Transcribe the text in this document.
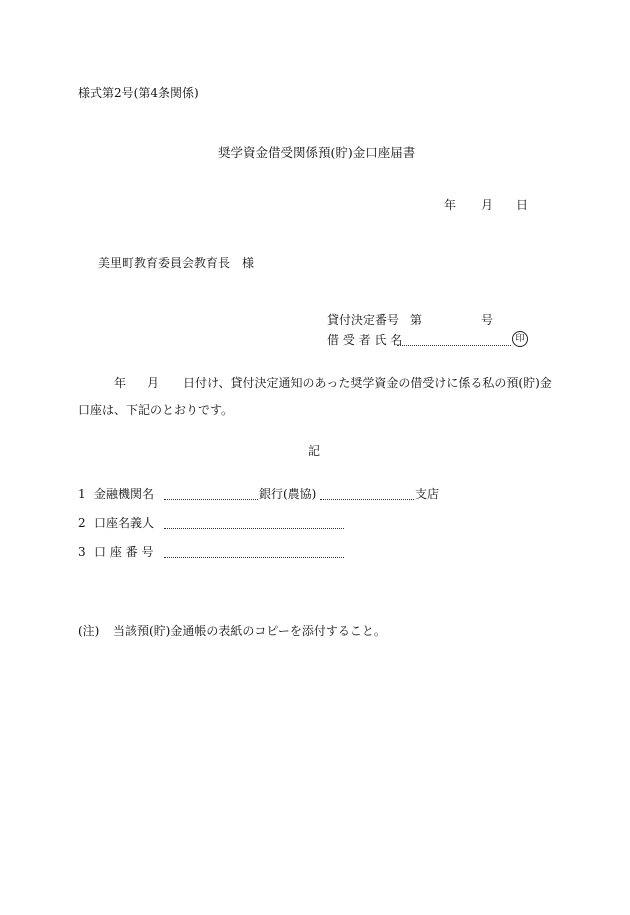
様式第2号(第4条関係)
奨学資金借受関係預(貯)金口座届書
年 月 日
美里町教育委員会教育長　様
貸付決定番号 第	号
借 受 者 氏 名	印
年 月 日付け、貸付決定通知のあった奨学資金の借受けに係る私の預(貯)金
口座は、下記のとおりです。
記
1 金融機関名	銀行(農協)	支店
2 口座名義人
3 口 座 番 号
(注) 当該預(貯)金通帳の表紙のコピーを添付すること。
